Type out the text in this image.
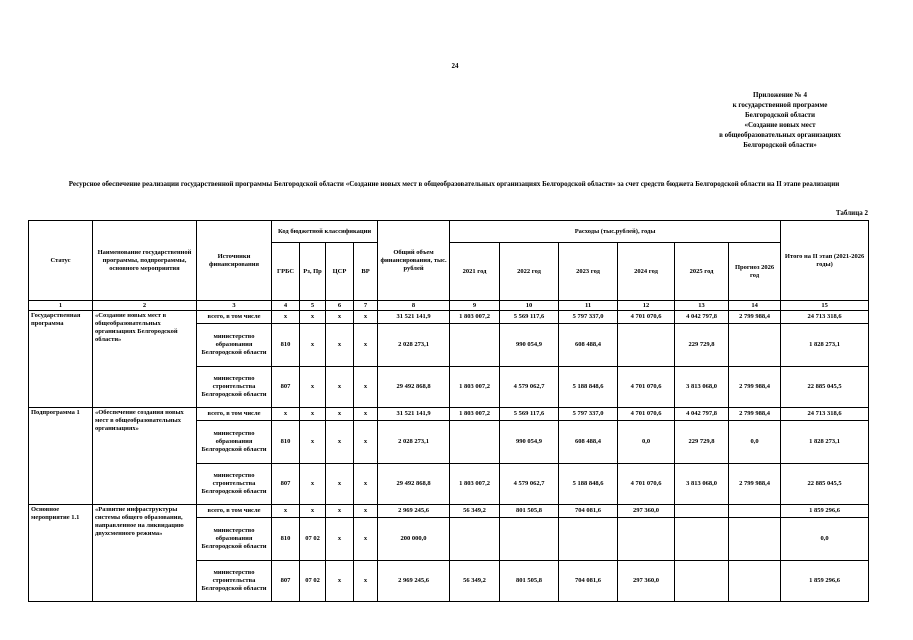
24
Приложение № 4
к государственной программе
Белгородской области
«Создание новых мест
в общеобразовательных организациях
Белгородской области»
Ресурсное обеспечение реализации государственной программы Белгородской области «Создание новых мест в общеобразовательных организациях Белгородской области» за счет средств бюджета Белгородской области на II этапе реализации
Таблица 2
Статус	Наименование государственной программы, подпрограммы, основного мероприятия	Источники финансирования	Код бюджетной классификации				Общий объем финансирования, тыс. рублей	Расходы (тыс.рублей), годы						Итого на II этап (2021-2026 годы)
			ГРБС	Рз, Пр	ЦСР	ВР		2021 год	2022 год	2023 год	2024 год	2025 год	Прогноз 2026 год	
1	2	3	4	5	6	7	8	9	10	11	12	13	14	15
Государственная программа	«Создание новых мест в общеобразовательных организациях Белгородской области»	всего, в том числе	х	х	х	х	31 521 141,9	1 803 007,2	5 569 117,6	5 797 337,0	4 701 070,6	4 042 797,8	2 799 988,4	24 713 318,6
		министерство образования Белгородской области	810	х	х	х	2 028 273,1		990 054,9	608 488,4		229 729,8		1 828 273,1
		министерство строительства Белгородской области	807	х	х	х	29 492 868,8	1 803 007,2	4 579 062,7	5 188 848,6	4 701 070,6	3 813 068,0	2 799 988,4	22 885 045,5
Подпрограмма 1	«Обеспечение создания новых мест в общеобразовательных организациях»	всего, в том числе	х	х	х	х	31 521 141,9	1 803 007,2	5 569 117,6	5 797 337,0	4 701 070,6	4 042 797,8	2 799 988,4	24 713 318,6
		министерство образования Белгородской области	810	х	х	х	2 028 273,1		990 054,9	608 488,4	0,0	229 729,8	0,0	1 828 273,1
		министерство строительства Белгородской области	807	х	х	х	29 492 868,8	1 803 007,2	4 579 062,7	5 188 848,6	4 701 070,6	3 813 068,0	2 799 988,4	22 885 045,5
Основное мероприятие 1.1	«Развитие инфраструктуры системы общего образования, направленное на ликвидацию двухсменного режима»	всего, в том числе	х	х	х	х	2 969 245,6	56 349,2	801 505,8	704 081,6	297 360,0			1 859 296,6
		министерство образования Белгородской области	810	07 02	х	х	200 000,0							0,0
		министерство строительства Белгородской области	807	07 02	х	х	2 969 245,6	56 349,2	801 505,8	704 081,6	297 360,0			1 859 296,6
